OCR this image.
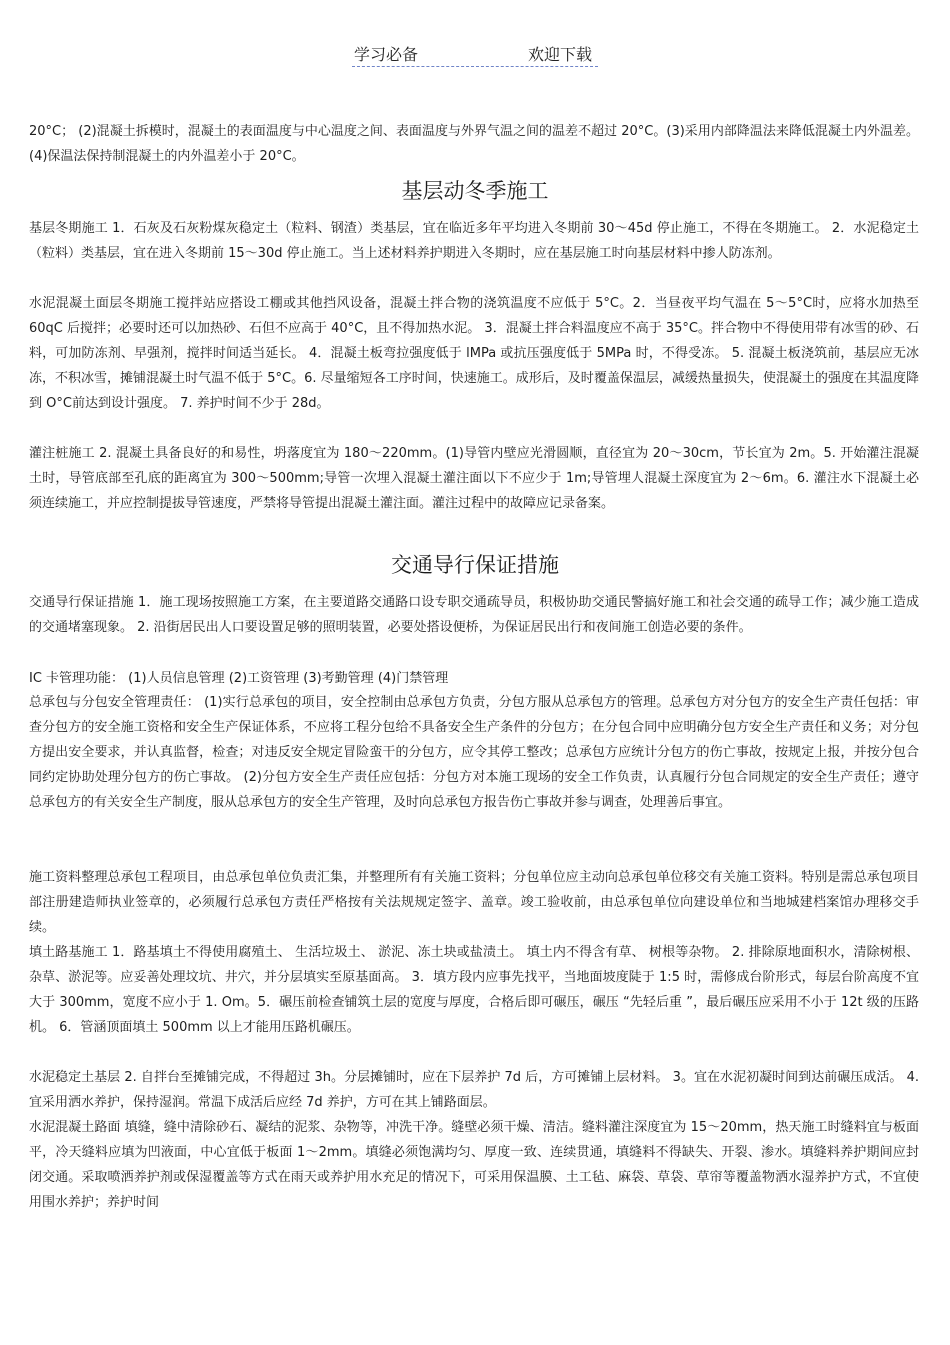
学习必备	欢迎下载

20°C； (2)混凝土拆模时，混凝土的表面温度与中心温度之间、表面温度与外界气温之间的温差不超过 20°C。(3)采用内部降温法来降低混凝土内外温差。 (4)保温法保持制混凝土的内外温差小于 20°C。

基层动冬季施工

基层冬期施工 1．石灰及石灰粉煤灰稳定土（粒料、钢渣）类基层，宜在临近多年平均进入冬期前 30～45d 停止施工，不得在冬期施工。 2．水泥稳定土（粒料）类基层，宜在进入冬期前 15～30d 停止施工。当上述材料养护期进入冬期时，应在基层施工时向基层材料中掺人防冻剂。

水泥混凝土面层冬期施工搅拌站应搭设工棚或其他挡风设备，混凝土拌合物的浇筑温度不应低于 5°C。2．当昼夜平均气温在 5～5°C时，应将水加热至 60qC 后搅拌；必要时还可以加热砂、石但不应高于 40°C，且不得加热水泥。 3．混凝土拌合料温度应不高于 35°C。拌合物中不得使用带有冰雪的砂、石料，可加防冻剂、早强剂，搅拌时间适当延长。 4．混凝土板弯拉强度低于 lMPa 或抗压强度低于 5MPa 时，不得受冻。 5. 混凝土板浇筑前，基层应无冰冻，不积冰雪，摊铺混凝土时气温不低于 5°C。6. 尽量缩短各工序时间，快速施工。成形后，及时覆盖保温层，减缓热量损失，使混凝土的强度在其温度降到 O°C前达到设计强度。 7. 养护时间不少于 28d。

灌注桩施工 2. 混凝土具备良好的和易性，坍落度宜为 180～220mm。(1)导管内壁应光滑圆顺，直径宜为 20～30cm，节长宜为 2m。5. 开始灌注混凝土时，导管底部至孔底的距离宜为 300～500mm;导管一次埋入混凝土灌注面以下不应少于 1m;导管埋人混凝土深度宜为 2～6m。6. 灌注水下混凝土必须连续施工，并应控制提拔导管速度，严禁将导管提出混凝土灌注面。灌注过程中的故障应记录备案。

交通导行保证措施

交通导行保证措施 1．施工现场按照施工方案，在主要道路交通路口设专职交通疏导员，积极协助交通民警搞好施工和社会交通的疏导工作；减少施工造成的交通堵塞现象。 2. 沿街居民出人口要设置足够的照明装置，必要处搭设便桥，为保证居民出行和夜间施工创造必要的条件。

IC 卡管理功能： (1)人员信息管理 (2)工资管理 (3)考勤管理 (4)门禁管理

总承包与分包安全管理责任： (1)实行总承包的项目，安全控制由总承包方负责，分包方服从总承包方的管理。总承包方对分包方的安全生产责任包括：审查分包方的安全施工资格和安全生产保证体系，不应将工程分包给不具备安全生产条件的分包方；在分包合同中应明确分包方安全生产责任和义务；对分包方提出安全要求，并认真监督，检查；对违反安全规定冒险蛮干的分包方，应令其停工整改；总承包方应统计分包方的伤亡事故，按规定上报，并按分包合同约定协助处理分包方的伤亡事故。 (2)分包方安全生产责任应包括：分包方对本施工现场的安全工作负责，认真履行分包合同规定的安全生产责任；遵守总承包方的有关安全生产制度，服从总承包方的安全生产管理，及时向总承包方报告伤亡事故并参与调查，处理善后事宜。

施工资料整理总承包工程项目，由总承包单位负责汇集，并整理所有有关施工资料；分包单位应主动向总承包单位移交有关施工资料。特别是需总承包项目部注册建造师执业签章的，必须履行总承包方责任严格按有关法规规定签字、盖章。竣工验收前，由总承包单位向建设单位和当地城建档案馆办理移交手续。

填土路基施工 1．路基填土不得使用腐殖土、 生活垃圾土、 淤泥、冻土块或盐渍土。 填土内不得含有草、 树根等杂物。 2. 排除原地面积水，清除树根、杂草、淤泥等。应妥善处理坟坑、井穴，并分层填实至原基面高。 3．填方段内应事先找平，当地面坡度陡于 1:5 时，需修成台阶形式，每层台阶高度不宜大于 300mm，宽度不应小于 1. Om。5．碾压前检查铺筑土层的宽度与厚度，合格后即可碾压，碾压 “先轻后重 ”，最后碾压应采用不小于 12t 级的压路机。 6．管涵顶面填土 500mm 以上才能用压路机碾压。

水泥稳定土基层 2. 自拌台至摊铺完成，不得超过 3h。分层摊铺时，应在下层养护 7d 后，方可摊铺上层材料。 3。宜在水泥初凝时间到达前碾压成活。 4. 宜采用洒水养护，保持湿润。常温下成活后应经 7d 养护，方可在其上铺路面层。

水泥混凝土路面 填缝，缝中清除砂石、凝结的泥浆、杂物等，冲洗干净。缝壁必须干燥、清洁。缝料灌注深度宜为 15～20mm，热天施工时缝料宜与板面平，冷天缝料应填为凹液面，中心宜低于板面 1～2mm。填缝必须饱满均匀、厚度一致、连续贯通，填缝料不得缺失、开裂、渗水。填缝料养护期间应封闭交通。采取喷洒养护剂或保湿覆盖等方式在雨天或养护用水充足的情况下，可采用保温膜、土工毡、麻袋、草袋、草帘等覆盖物洒水湿养护方式，不宜使用围水养护；养护时间
